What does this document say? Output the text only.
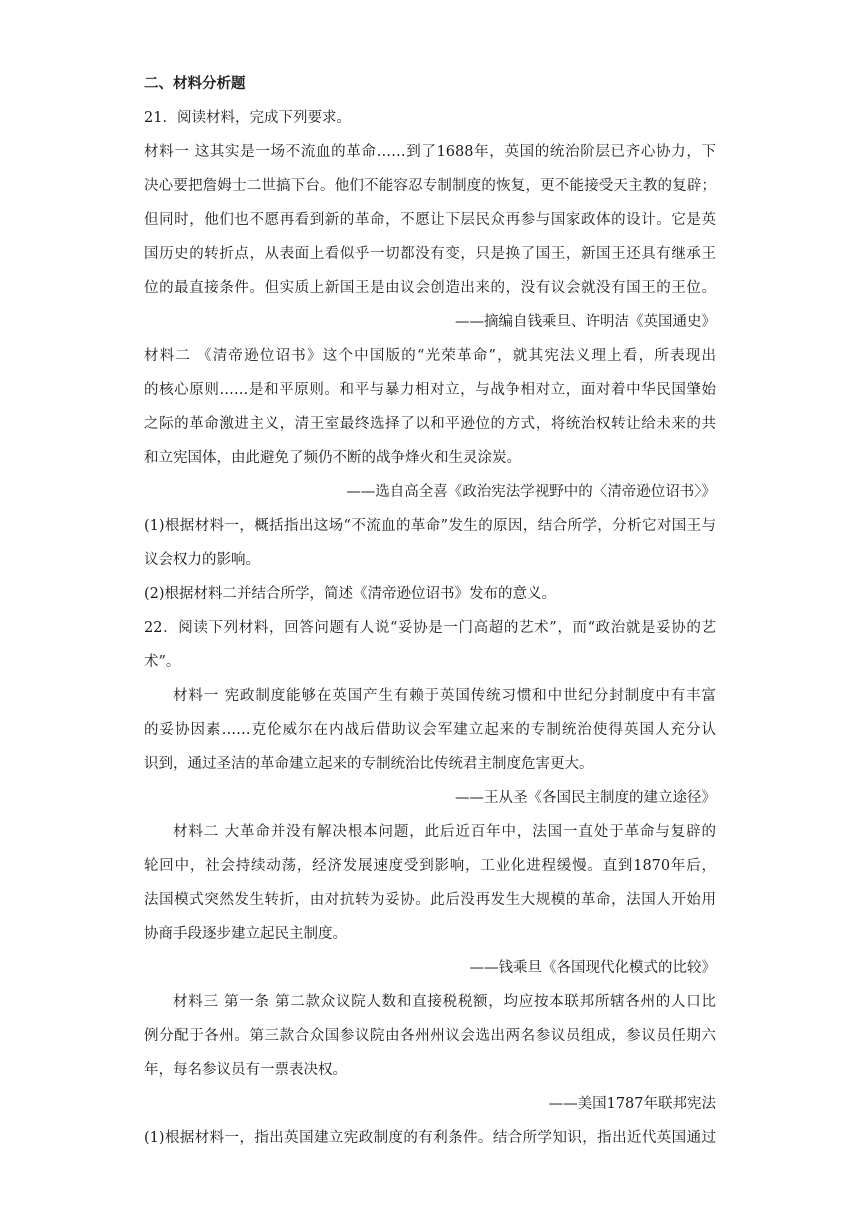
二、材料分析题
21．阅读材料，完成下列要求。
材料一 这其实是一场不流血的革命……到了1688年，英国的统治阶层已齐心协力，下
决心要把詹姆士二世搞下台。他们不能容忍专制制度的恢复，更不能接受天主教的复辟；
但同时，他们也不愿再看到新的革命，不愿让下层民众再参与国家政体的设计。它是英
国历史的转折点，从表面上看似乎一切都没有变，只是换了国王，新国王还具有继承王
位的最直接条件。但实质上新国王是由议会创造出来的，没有议会就没有国王的王位。
——摘编自钱乘旦、许明洁《英国通史》
材料二 《清帝逊位诏书》这个中国版的“光荣革命”，就其宪法义理上看，所表现出
的核心原则……是和平原则。和平与暴力相对立，与战争相对立，面对着中华民国肇始
之际的革命激进主义，清王室最终选择了以和平逊位的方式，将统治权转让给未来的共
和立宪国体，由此避免了频仍不断的战争烽火和生灵涂炭。
——选自高全喜《政治宪法学视野中的〈清帝逊位诏书〉》
(1)根据材料一，概括指出这场“不流血的革命”发生的原因，结合所学，分析它对国王与
议会权力的影响。
(2)根据材料二并结合所学，简述《清帝逊位诏书》发布的意义。
22．阅读下列材料，回答问题有人说“妥协是一门高超的艺术”，而“政治就是妥协的艺
术”。
材料一 宪政制度能够在英国产生有赖于英国传统习惯和中世纪分封制度中有丰富
的妥协因素……克伦威尔在内战后借助议会军建立起来的专制统治使得英国人充分认
识到，通过圣洁的革命建立起来的专制统治比传统君主制度危害更大。
——王从圣《各国民主制度的建立途径》
材料二 大革命并没有解决根本问题，此后近百年中，法国一直处于革命与复辟的
轮回中，社会持续动荡，经济发展速度受到影响，工业化进程缓慢。直到1870年后，
法国模式突然发生转折，由对抗转为妥协。此后没再发生大规模的革命，法国人开始用
协商手段逐步建立起民主制度。
——钱乘旦《各国现代化模式的比较》
材料三 第一条 第二款众议院人数和直接税税额，均应按本联邦所辖各州的人口比
例分配于各州。第三款合众国参议院由各州州议会选出两名参议员组成，参议员任期六
年，每名参议员有一票表决权。
——美国1787年联邦宪法
(1)根据材料一，指出英国建立宪政制度的有利条件。结合所学知识，指出近代英国通过
